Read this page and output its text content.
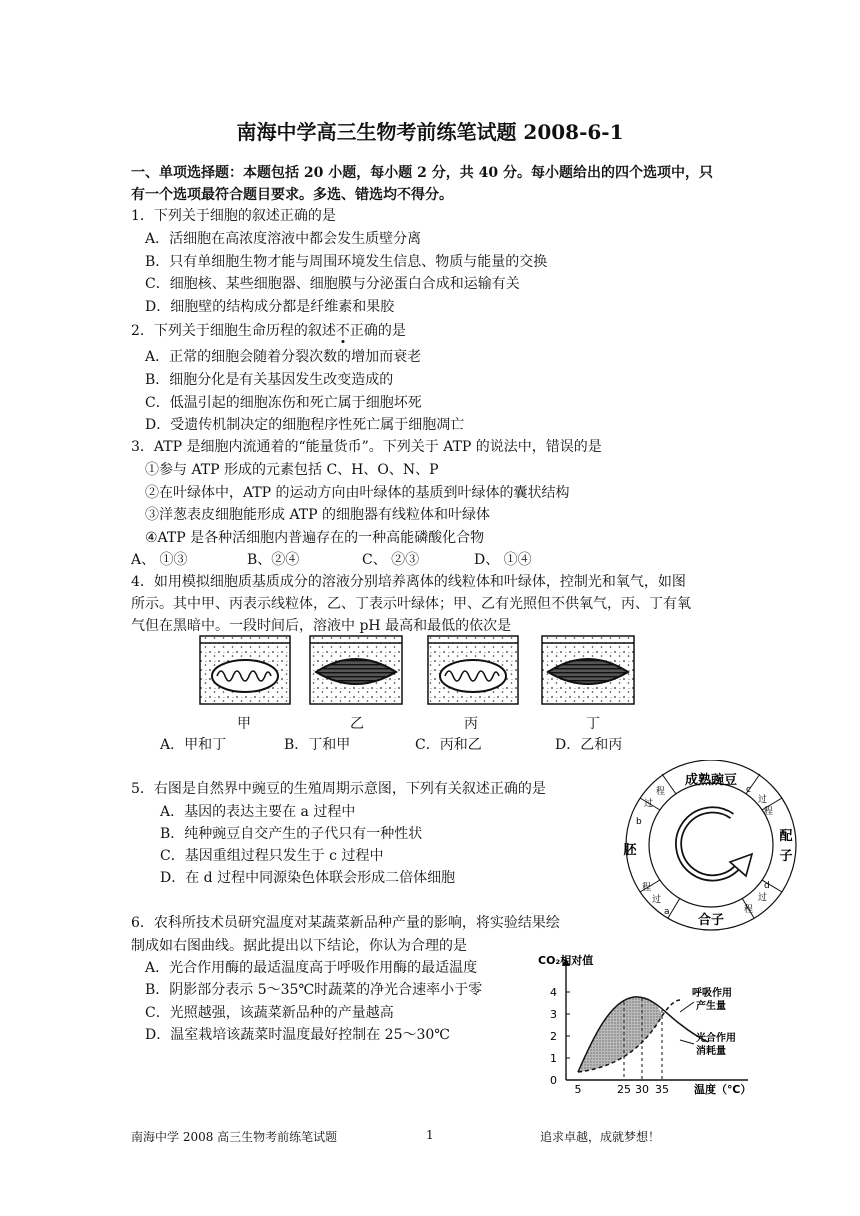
南海中学高三生物考前练笔试题 2008-6-1
一、单项选择题：本题包括 20 小题，每小题 2 分，共 40 分。每小题给出的四个选项中，只
有一个选项最符合题目要求。多选、错选均不得分。
1．下列关于细胞的叙述正确的是
A．活细胞在高浓度溶液中都会发生质壁分离
B．只有单细胞生物才能与周围环境发生信息、物质与能量的交换
C．细胞核、某些细胞器、细胞膜与分泌蛋白合成和运输有关
D．细胞壁的结构成分都是纤维素和果胶
2．下列关于细胞生命历程的叙述不正确的是
A．正常的细胞会随着分裂次数的增加而衰老
B．细胞分化是有关基因发生改变造成的
C．低温引起的细胞冻伤和死亡属于细胞坏死
D．受遗传机制决定的细胞程序性死亡属于细胞凋亡
3．ATP 是细胞内流通着的“能量货币”。下列关于 ATP 的说法中，错误的是
①参与 ATP 形成的元素包括 C、H、O、N、P
②在叶绿体中，ATP 的运动方向由叶绿体的基质到叶绿体的囊状结构
③洋葱表皮细胞能形成 ATP 的细胞器有线粒体和叶绿体
④ATP 是各种活细胞内普遍存在的一种高能磷酸化合物
A、 ①③	B、②④	C、 ②③	D、 ①④
4．如用模拟细胞质基质成分的溶液分别培养离体的线粒体和叶绿体，控制光和氧气，如图
所示。其中甲、丙表示线粒体，乙、丁表示叶绿体；甲、乙有光照但不供氧气，丙、丁有氧
气但在黑暗中。一段时间后，溶液中 pH 最高和最低的依次是
甲	乙	丙	丁
A．甲和丁	B．丁和甲	C．丙和乙	D．乙和丙
5．右图是自然界中豌豆的生殖周期示意图，下列有关叙述正确的是
A．基因的表达主要在 a 过程中
B．纯种豌豆自交产生的子代只有一种性状
C．基因重组过程只发生于 c 过程中
D．在 d 过程中同源染色体联会形成二倍体细胞
成熟豌豆
配
子
合子
胚
c
过
程
d
过
程
程
过
a
程
过
b
6．农科所技术员研究温度对某蔬菜新品种产量的影响，将实验结果绘
制成如右图曲线。据此提出以下结论，你认为合理的是
A．光合作用酶的最适温度高于呼吸作用酶的最适温度
B．阴影部分表示 5～35℃时蔬菜的净光合速率小于零
C．光照越强，该蔬菜新品种的产量越高
D．温室栽培该蔬菜时温度最好控制在 25～30℃
0
1
2
3
4
5	25 30 35
CO₂相对值
温度（℃）
呼吸作用
产生量
光合作用
消耗量
南海中学 2008 高三生物考前练笔试题	1	追求卓越，成就梦想！
